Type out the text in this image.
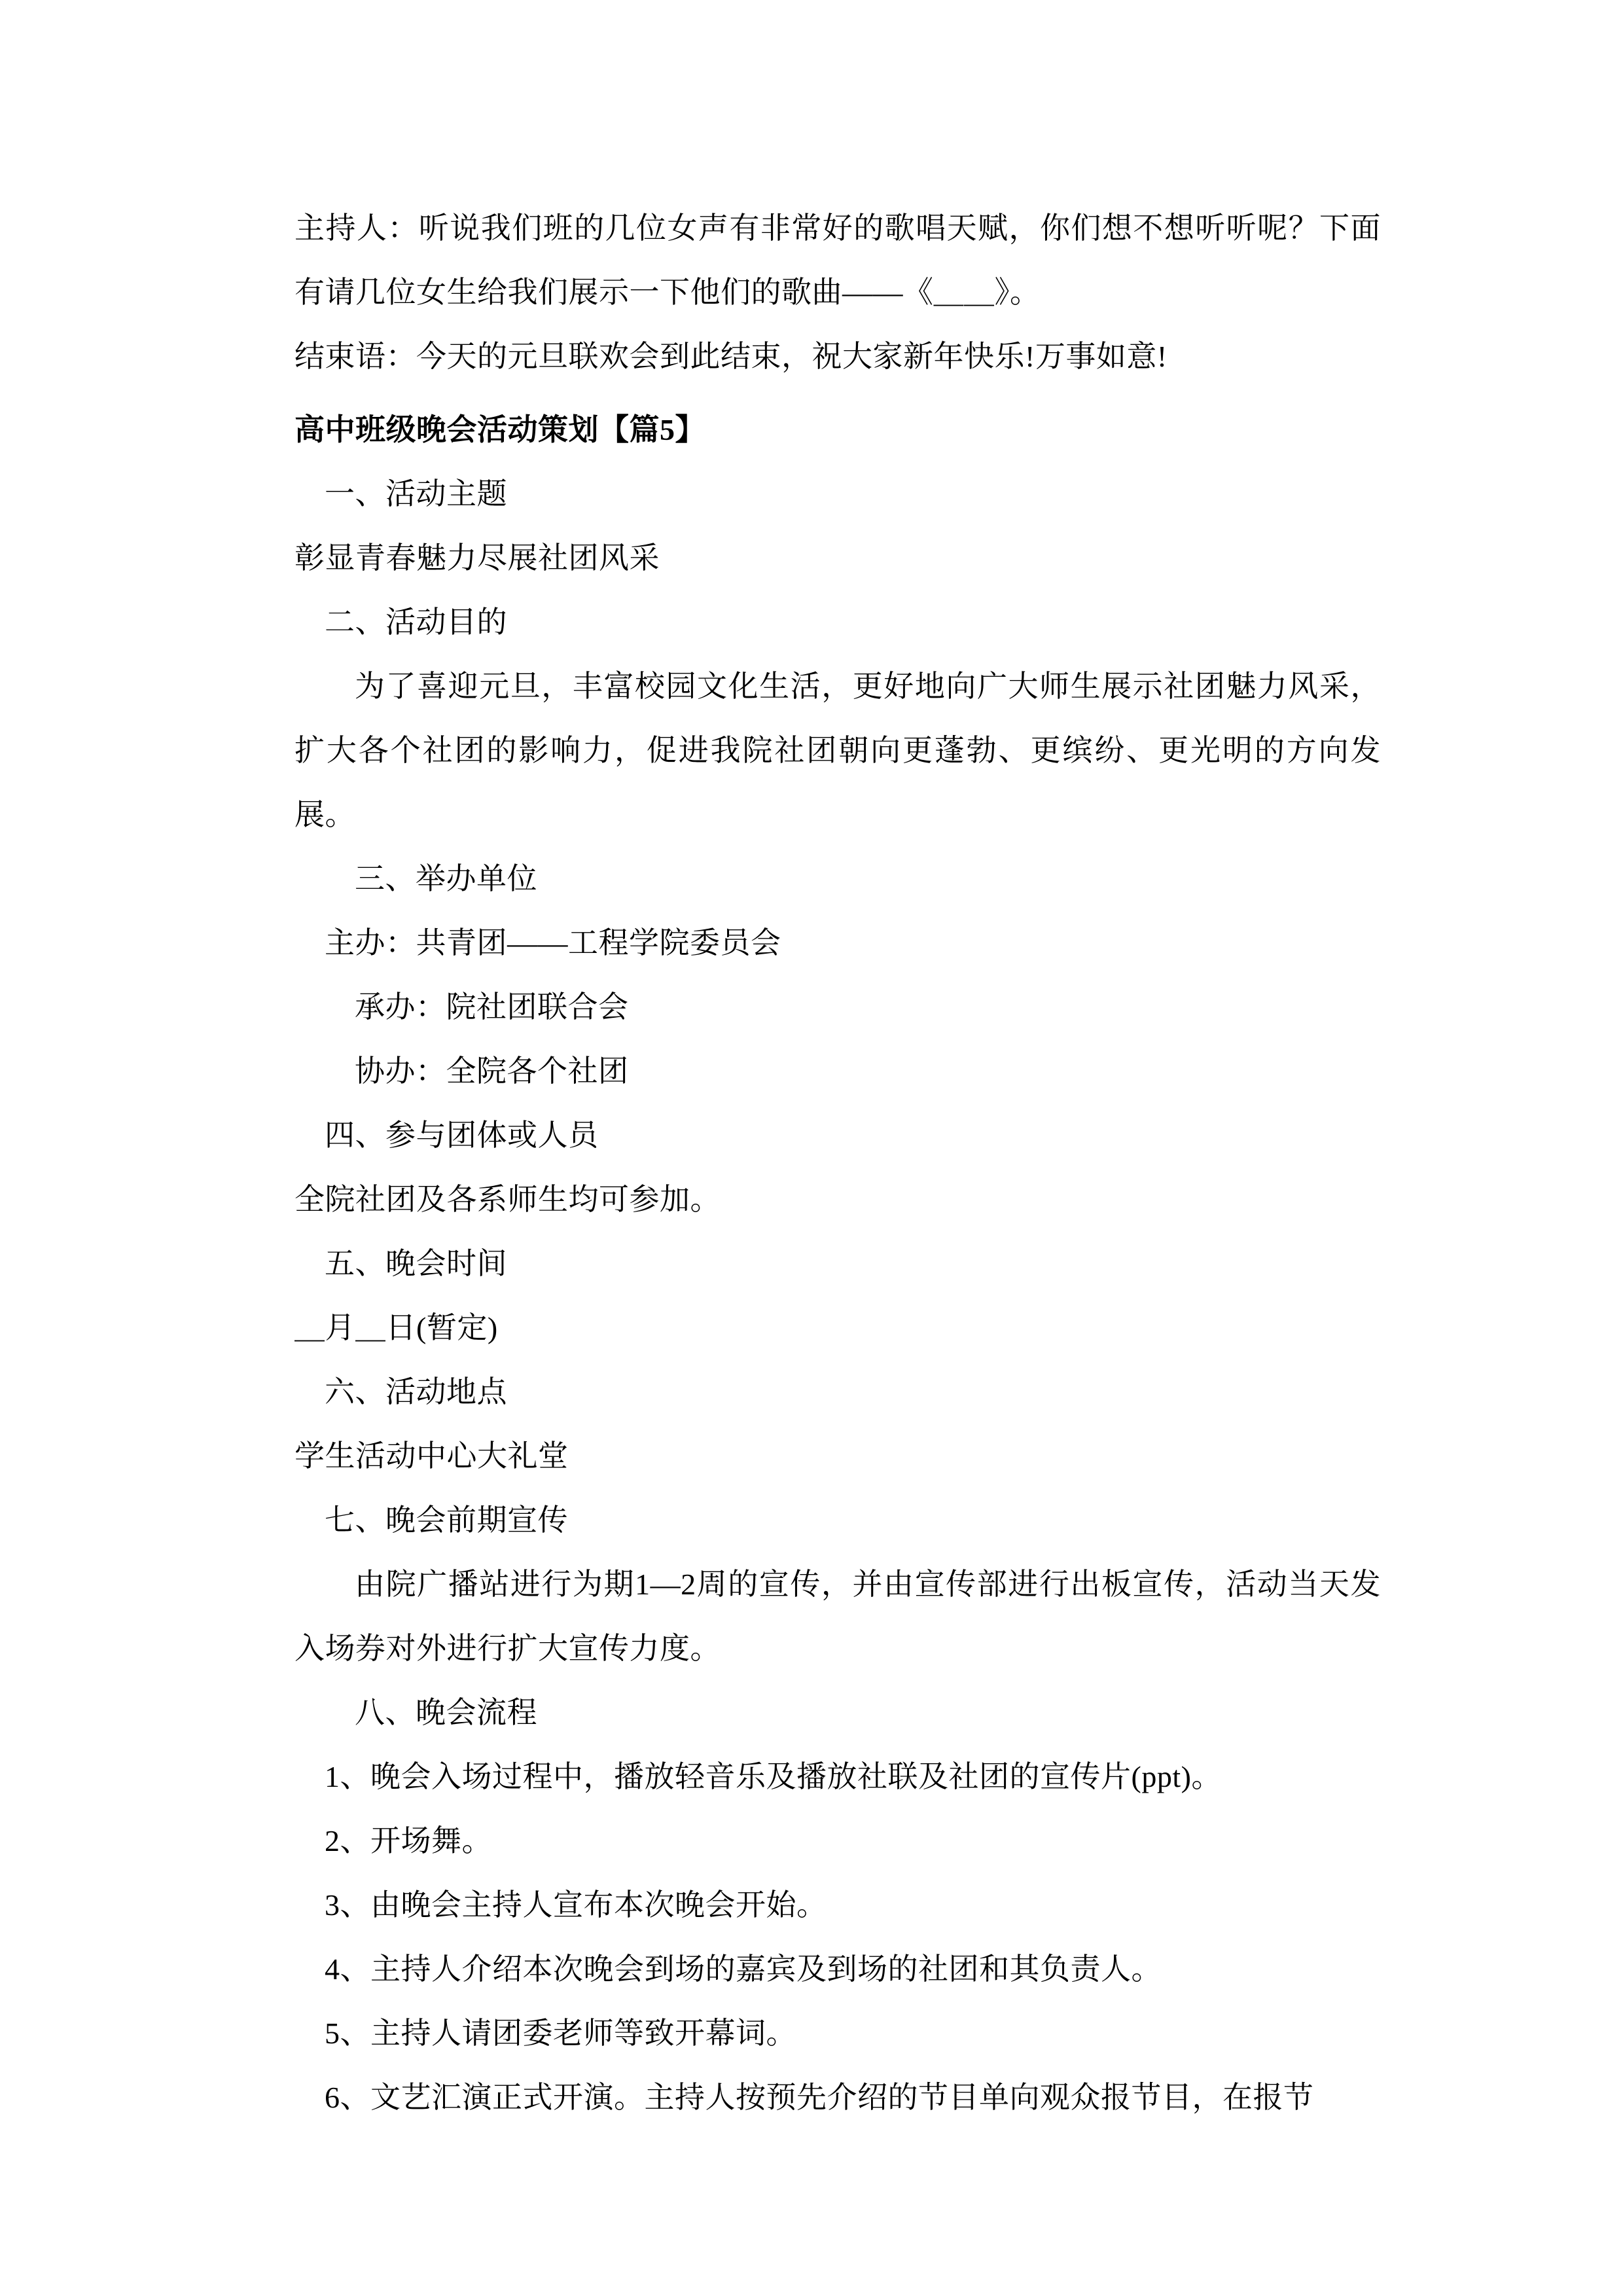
主持人：听说我们班的几位女声有非常好的歌唱天赋，你们想不想听听呢？下面有请几位女生给我们展示一下他们的歌曲——《＿＿》。

结束语：今天的元旦联欢会到此结束，祝大家新年快乐!万事如意!

高中班级晚会活动策划【篇5】

一、活动主题

彰显青春魅力尽展社团风采

二、活动目的

为了喜迎元旦，丰富校园文化生活，更好地向广大师生展示社团魅力风采，扩大各个社团的影响力，促进我院社团朝向更蓬勃、更缤纷、更光明的方向发展。

三、举办单位

主办：共青团——工程学院委员会

承办：院社团联合会

协办：全院各个社团

四、参与团体或人员

全院社团及各系师生均可参加。

五、晚会时间

＿月＿日(暂定)

六、活动地点

学生活动中心大礼堂

七、晚会前期宣传

由院广播站进行为期1—2周的宣传，并由宣传部进行出板宣传，活动当天发入场券对外进行扩大宣传力度。

八、晚会流程

1、晚会入场过程中，播放轻音乐及播放社联及社团的宣传片(ppt)。

2、开场舞。

3、由晚会主持人宣布本次晚会开始。

4、主持人介绍本次晚会到场的嘉宾及到场的社团和其负责人。

5、主持人请团委老师等致开幕词。

6、文艺汇演正式开演。主持人按预先介绍的节目单向观众报节目，在报节
